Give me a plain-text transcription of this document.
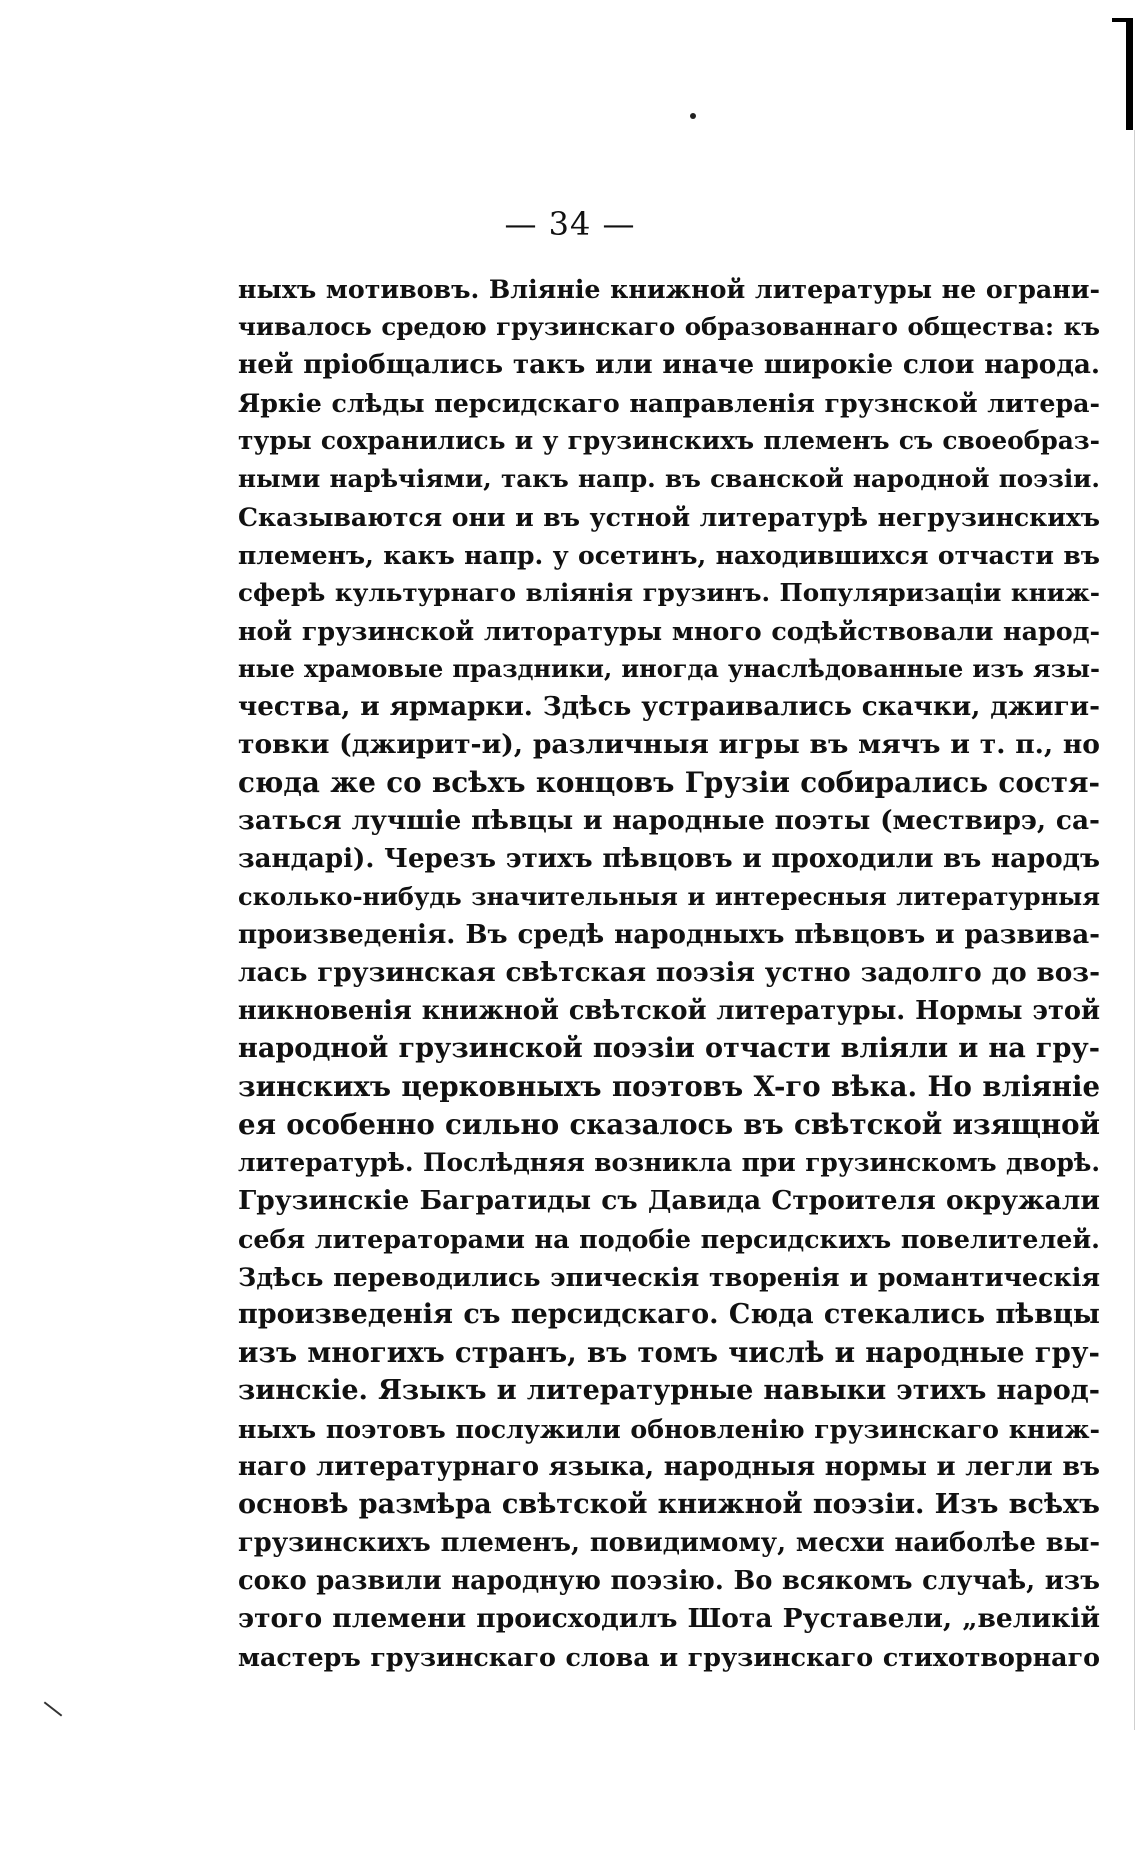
— 34 —
ныхъ мотивовъ. Вліяніе книжной литературы не ограни-
чивалось средою грузинскаго образованнаго общества: къ
ней пріобщались такъ или иначе широкіе слои народа.
Яркіе слѣды персидскаго направленія грузнской литера-
туры сохранились и у грузинскихъ племенъ съ своеобраз-
ными нарѣчіями, такъ напр. въ сванской народной поэзіи.
Сказываются они и въ устной литературѣ негрузинскихъ
племенъ, какъ напр. у осетинъ, находившихся отчасти въ
сферѣ культурнаго вліянія грузинъ. Популяризаціи книж-
ной грузинской литоратуры много содѣйствовали народ-
ные храмовые праздники, иногда унаслѣдованные изъ язы-
чества, и ярмарки. Здѣсь устраивались скачки, джиги-
товки (джирит-и), различныя игры въ мячъ и т. п., но
сюда же со всѣхъ концовъ Грузіи собирались состя-
заться лучшіе пѣвцы и народные поэты (мествирэ, са-
зандарі). Черезъ этихъ пѣвцовъ и проходили въ народъ
сколько-нибудь значительныя и интересныя литературныя
произведенія. Въ средѣ народныхъ пѣвцовъ и развива-
лась грузинская свѣтская поэзія устно задолго до воз-
никновенія книжной свѣтской литературы. Нормы этой
народной грузинской поэзіи отчасти вліяли и на гру-
зинскихъ церковныхъ поэтовъ X-го вѣка. Но вліяніе
ея особенно сильно сказалось въ свѣтской изящной
литературѣ. Послѣдняя возникла при грузинскомъ дворѣ.
Грузинскіе Багратиды съ Давида Строителя окружали
себя литераторами на подобіе персидскихъ повелителей.
Здѣсь переводились эпическія творенія и романтическія
произведенія съ персидскаго. Сюда стекались пѣвцы
изъ многихъ странъ, въ томъ числѣ и народные гру-
зинскіе. Языкъ и литературные навыки этихъ народ-
ныхъ поэтовъ послужили обновленію грузинскаго книж-
наго литературнаго языка, народныя нормы и легли въ
основѣ размѣра свѣтской книжной поэзіи. Изъ всѣхъ
грузинскихъ племенъ, повидимому, месхи наиболѣе вы-
соко развили народную поэзію. Во всякомъ случаѣ, изъ
этого племени происходилъ Шота Руставели, „великій
мастеръ грузинскаго слова и грузинскаго стихотворнаго
